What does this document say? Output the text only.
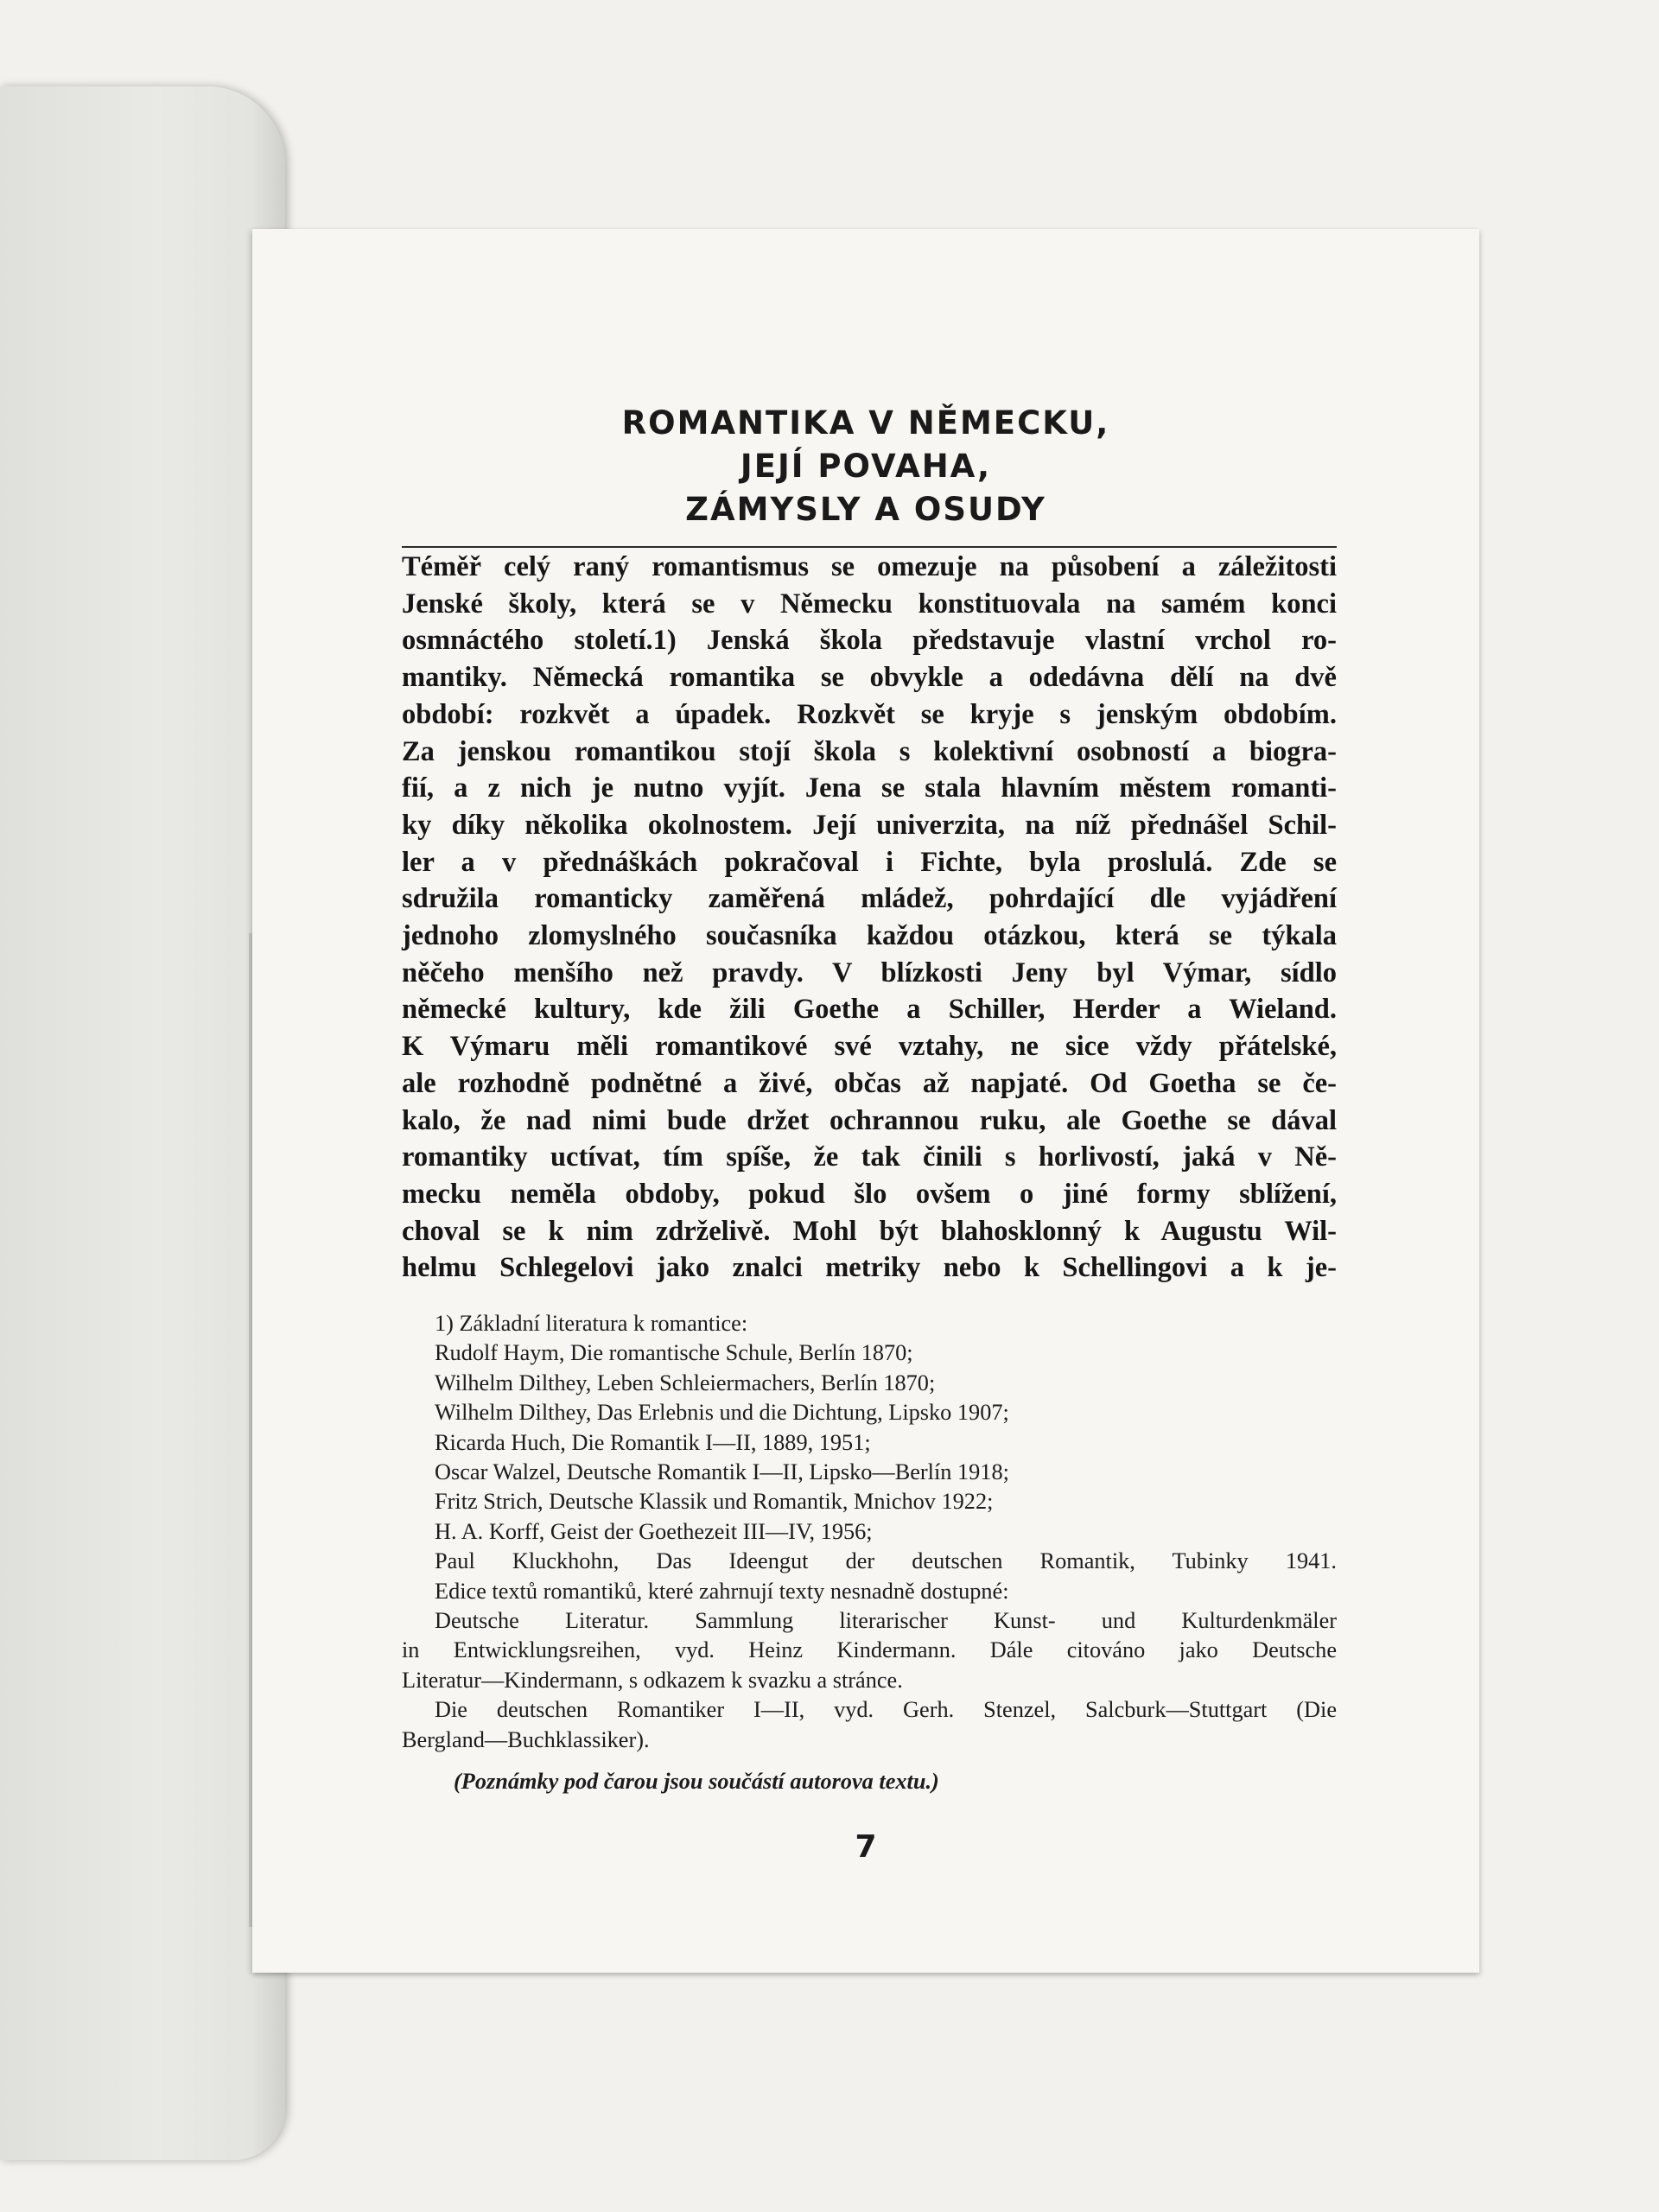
ROMANTIKA V NĚMECKU,
JEJÍ POVAHA,
ZÁMYSLY A OSUDY
Téměř celý raný romantismus se omezuje na působení a záležitosti
Jenské školy, která se v Německu konstituovala na samém konci
osmnáctého století.1) Jenská škola představuje vlastní vrchol ro-
mantiky. Německá romantika se obvykle a odedávna dělí na dvě
období: rozkvět a úpadek. Rozkvět se kryje s jenským obdobím.
Za jenskou romantikou stojí škola s kolektivní osobností a biogra-
fií, a z nich je nutno vyjít. Jena se stala hlavním městem romanti-
ky díky několika okolnostem. Její univerzita, na níž přednášel Schil-
ler a v přednáškách pokračoval i Fichte, byla proslulá. Zde se
sdružila romanticky zaměřená mládež, pohrdající dle vyjádření
jednoho zlomyslného současníka každou otázkou, která se týkala
něčeho menšího než pravdy. V blízkosti Jeny byl Výmar, sídlo
německé kultury, kde žili Goethe a Schiller, Herder a Wieland.
K Výmaru měli romantikové své vztahy, ne sice vždy přátelské,
ale rozhodně podnětné a živé, občas až napjaté. Od Goetha se če-
kalo, že nad nimi bude držet ochrannou ruku, ale Goethe se dával
romantiky uctívat, tím spíše, že tak činili s horlivostí, jaká v Ně-
mecku neměla obdoby, pokud šlo ovšem o jiné formy sblížení,
choval se k nim zdrželivě. Mohl být blahosklonný k Augustu Wil-
helmu Schlegelovi jako znalci metriky nebo k Schellingovi a k je-
1) Základní literatura k romantice:
Rudolf Haym, Die romantische Schule, Berlín 1870;
Wilhelm Dilthey, Leben Schleiermachers, Berlín 1870;
Wilhelm Dilthey, Das Erlebnis und die Dichtung, Lipsko 1907;
Ricarda Huch, Die Romantik I—II, 1889, 1951;
Oscar Walzel, Deutsche Romantik I—II, Lipsko—Berlín 1918;
Fritz Strich, Deutsche Klassik und Romantik, Mnichov 1922;
H. A. Korff, Geist der Goethezeit III—IV, 1956;
Paul Kluckhohn, Das Ideengut der deutschen Romantik, Tubinky 1941.
Edice textů romantiků, které zahrnují texty nesnadně dostupné:
Deutsche Literatur. Sammlung literarischer Kunst- und Kulturdenkmäler
in Entwicklungsreihen, vyd. Heinz Kindermann. Dále citováno jako Deutsche
Literatur—Kindermann, s odkazem k svazku a stránce.
Die deutschen Romantiker I—II, vyd. Gerh. Stenzel, Salcburk—Stuttgart (Die
Bergland—Buchklassiker).
(Poznámky pod čarou jsou součástí autorova textu.)
7
